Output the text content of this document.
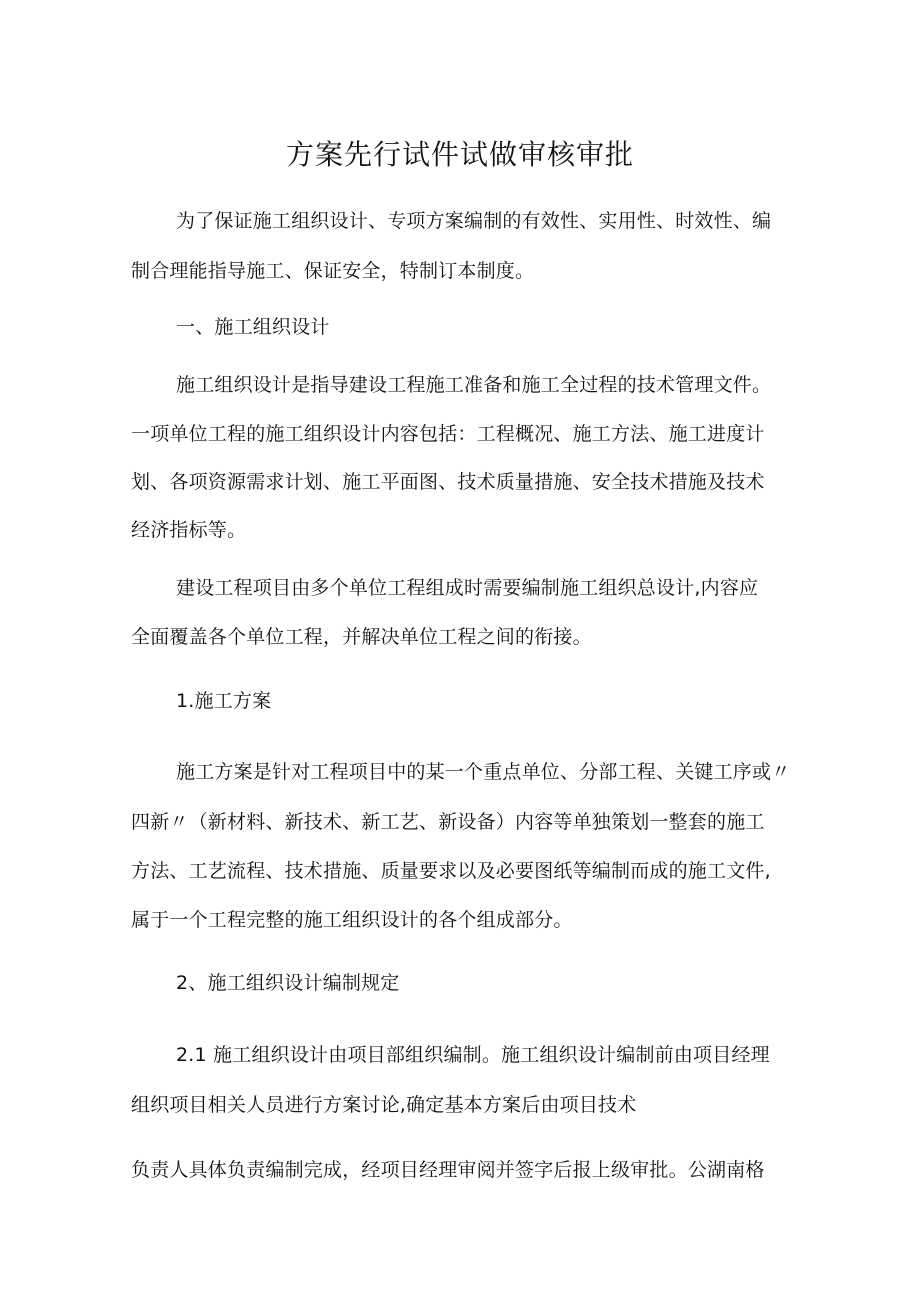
方案先行试件试做审核审批

为了保证施工组织设计、专项方案编制的有效性、实用性、时效性、编

制合理能指导施工、保证安全，特制订本制度。

一、施工组织设计

施工组织设计是指导建设工程施工准备和施工全过程的技术管理文件。

一项单位工程的施工组织设计内容包括：工程概况、施工方法、施工进度计

划、各项资源需求计划、施工平面图、技术质量措施、安全技术措施及技术

经济指标等。

建设工程项目由多个单位工程组成时需要编制施工组织总设计,内容应

全面覆盖各个单位工程，并解决单位工程之间的衔接。

1.施工方案

施工方案是针对工程项目中的某一个重点单位、分部工程、关键工序或〃

四新〃（新材料、新技术、新工艺、新设备）内容等单独策划一整套的施工

方法、工艺流程、技术措施、质量要求以及必要图纸等编制而成的施工文件,

属于一个工程完整的施工组织设计的各个组成部分。

2、施工组织设计编制规定

2.1 施工组织设计由项目部组织编制。施工组织设计编制前由项目经理

组织项目相关人员进行方案讨论,确定基本方案后由项目技术

负责人具体负责编制完成，经项目经理审阅并签字后报上级审批。公湖南格
